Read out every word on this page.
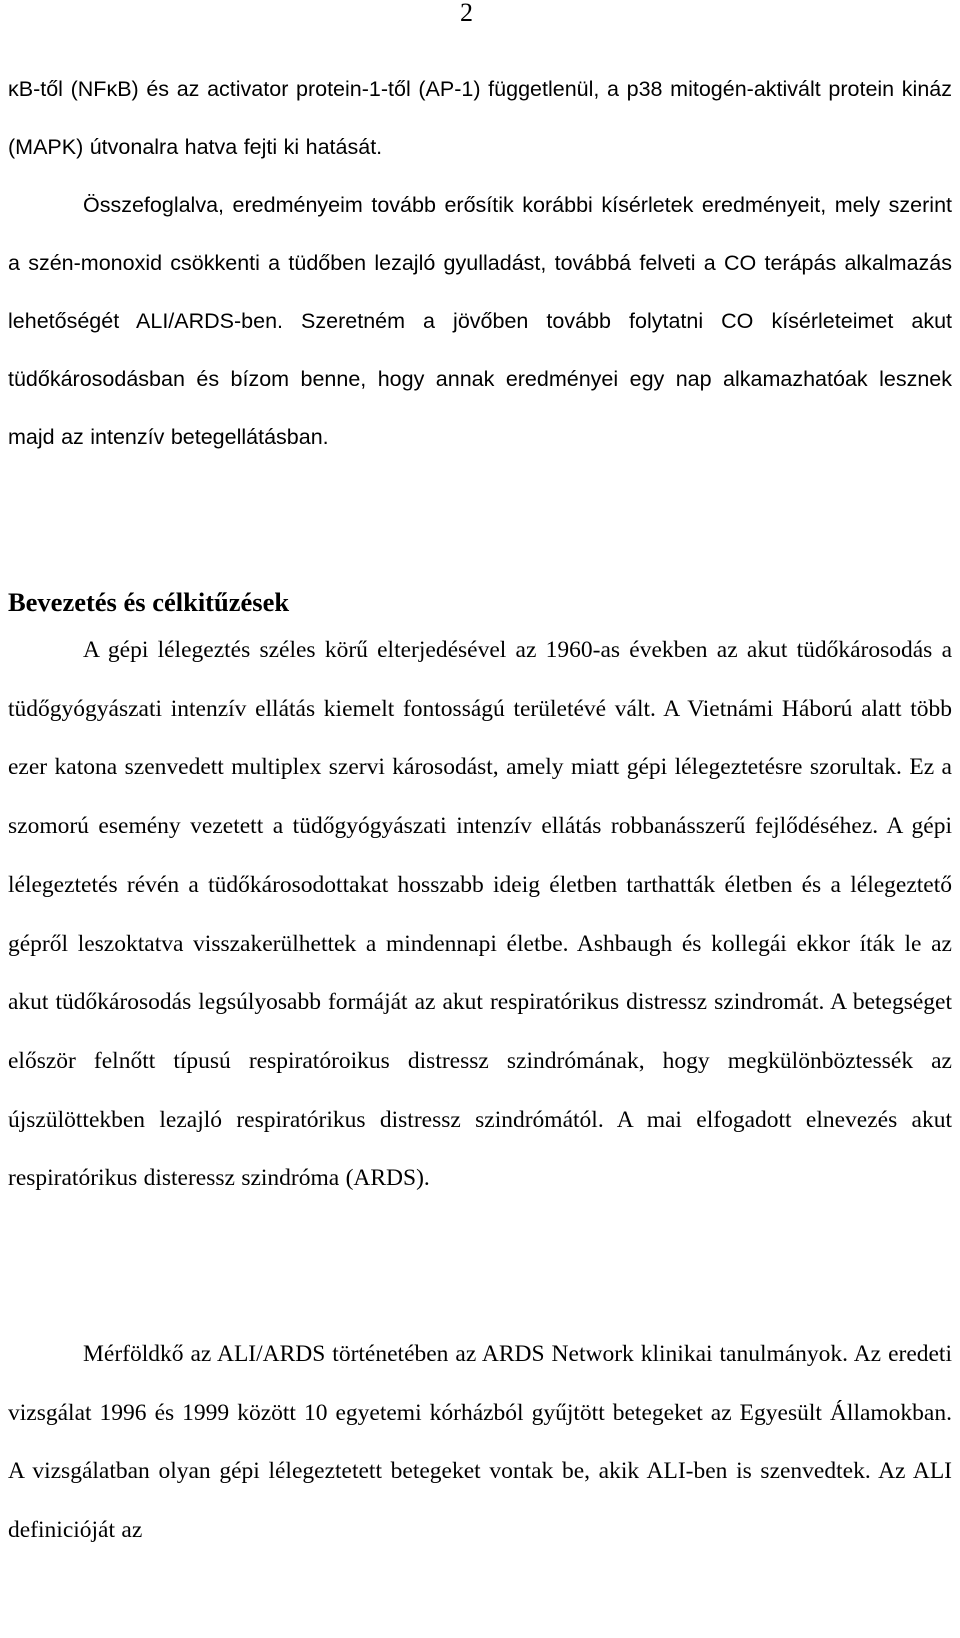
2

κB-től (NFκB) és az activator protein-1-től (AP-1) függetlenül, a p38 mitogén-aktivált protein kináz (MAPK) útvonalra hatva fejti ki hatását.

Összefoglalva, eredményeim tovább erősítik korábbi kísérletek eredményeit, mely szerint a szén-monoxid csökkenti a tüdőben lezajló gyulladást, továbbá felveti a CO terápás alkalmazás lehetőségét ALI/ARDS-ben. Szeretném a jövőben tovább folytatni CO kísérleteimet akut tüdőkárosodásban és bízom benne, hogy annak eredményei egy nap alkamazhatóak lesznek majd az intenzív betegellátásban.

Bevezetés és célkitűzések

A gépi lélegeztés széles körű elterjedésével az 1960-as években az akut tüdőkárosodás a tüdőgyógyászati intenzív ellátás kiemelt fontosságú területévé vált. A Vietnámi Háború alatt több ezer katona szenvedett multiplex szervi károsodást, amely miatt gépi lélegeztetésre szorultak. Ez a szomorú esemény vezetett a tüdőgyógyászati intenzív ellátás robbanásszerű fejlődéséhez. A gépi lélegeztetés révén a tüdőkárosodottakat hosszabb ideig életben tarthatták életben és a lélegeztető gépről leszoktatva visszakerülhettek a mindennapi életbe. Ashbaugh és kollegái ekkor íták le az akut tüdőkárosodás legsúlyosabb formáját az akut respiratórikus distressz szindromát. A betegséget először felnőtt típusú respiratóroikus distressz szindrómának, hogy megkülönböztessék az újszülöttekben lezajló respiratórikus distressz szindrómától. A mai elfogadott elnevezés akut respiratórikus disteressz szindróma (ARDS).

Mérföldkő az ALI/ARDS történetében az ARDS Network klinikai tanulmányok. Az eredeti vizsgálat 1996 és 1999 között 10 egyetemi kórházból gyűjtött betegeket az Egyesült Államokban. A vizsgálatban olyan gépi lélegeztetett betegeket vontak be, akik ALI-ben is szenvedtek. Az ALI definicióját az
